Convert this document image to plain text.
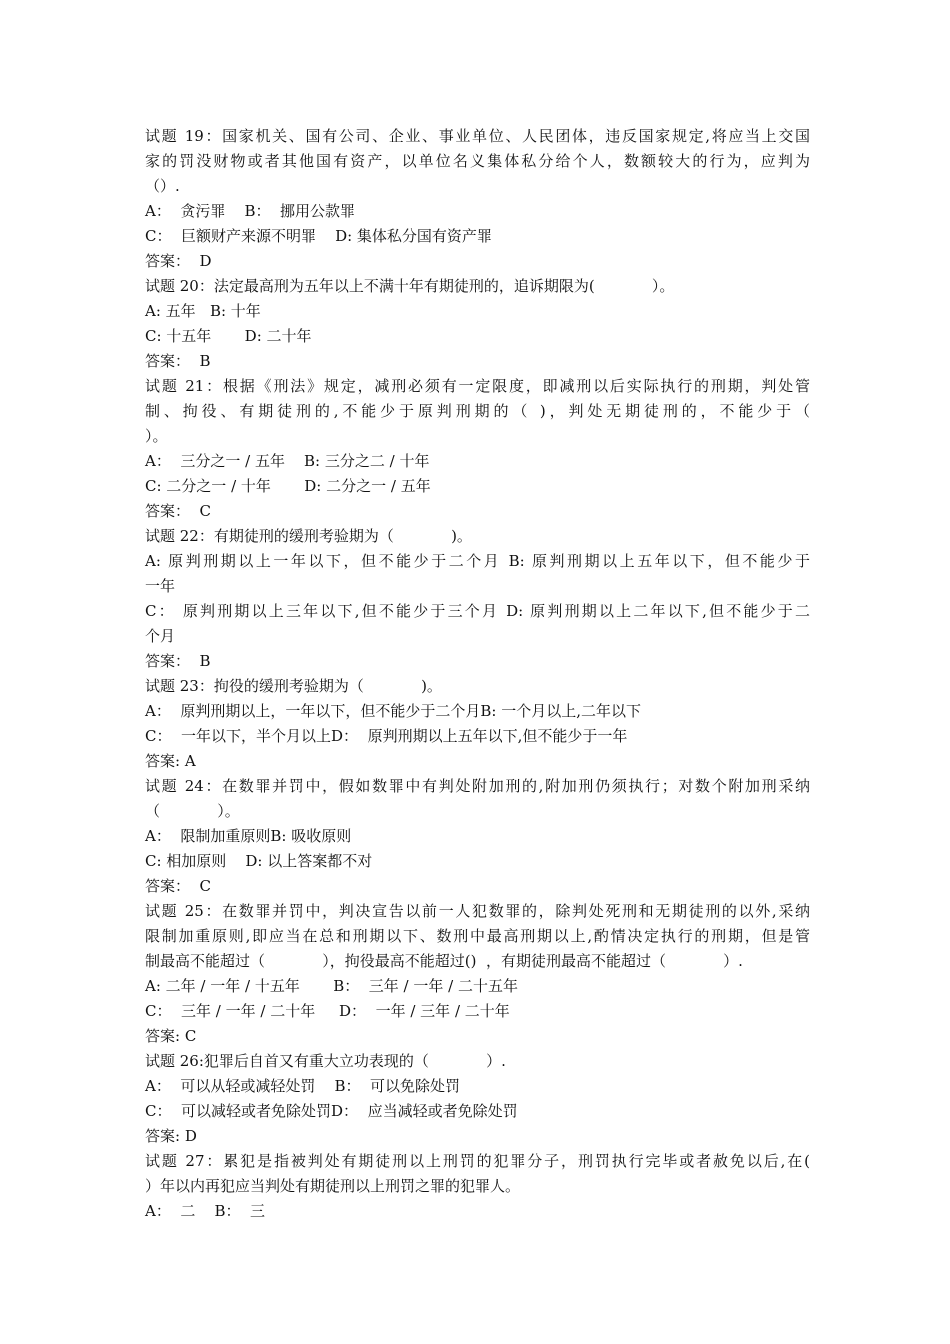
试题 19：国家机关、国有公司、企业、事业单位、人民团体，违反国家规定,将应当上交国
家的罚没财物或者其他国有资产，以单位名义集体私分给个人，数额较大的行为，应判为
（）.
A：  贪污罪    B：  挪用公款罪
C：  巨额财产来源不明罪    D: 集体私分国有资产罪
答案：  D
试题 20：法定最高刑为五年以上不满十年有期徒刑的，追诉期限为(            ）。
A: 五年   B: 十年
C: 十五年       D: 二十年
答案：  B
试题 21：根据《刑法》规定，减刑必须有一定限度，即减刑以后实际执行的刑期，判处管
制、拘役、有期徒刑的,不能少于原判刑期的（ )，判处无期徒刑的，不能少于（
）。
A：  三分之一 / 五年    B: 三分之二 / 十年
C: 二分之一 / 十年       D: 二分之一 / 五年
答案：  C
试题 22：有期徒刑的缓刑考验期为（            )。
A: 原判刑期以上一年以下，但不能少于二个月 B: 原判刑期以上五年以下，但不能少于
一年
C： 原判刑期以上三年以下,但不能少于三个月 D: 原判刑期以上二年以下,但不能少于二
个月
答案：  B
试题 23：拘役的缓刑考验期为（            )。
A：  原判刑期以上，一年以下，但不能少于二个月B: 一个月以上,二年以下
C：  一年以下，半个月以上D：  原判刑期以上五年以下,但不能少于一年
答案: A
试题 24：在数罪并罚中，假如数罪中有判处附加刑的,附加刑仍须执行；对数个附加刑采纳
（            ）。
A：  限制加重原则B: 吸收原则
C: 相加原则    D: 以上答案都不对
答案：  C
试题 25：在数罪并罚中，判决宣告以前一人犯数罪的，除判处死刑和无期徒刑的以外,采纳
限制加重原则,即应当在总和刑期以下、数刑中最高刑期以上,酌情决定执行的刑期，但是管
制最高不能超过（            ），拘役最高不能超过()  ，有期徒刑最高不能超过（            ）.
A: 二年 / 一年 / 十五年       B：  三年 / 一年 / 二十五年
C：  三年 / 一年 / 二十年     D：  一年 / 三年 / 二十年
答案: C
试题 26:犯罪后自首又有重大立功表现的（            ）.
A：  可以从轻或减轻处罚    B：  可以免除处罚
C：  可以减轻或者免除处罚D：  应当减轻或者免除处罚
答案: D
试题 27：累犯是指被判处有期徒刑以上刑罚的犯罪分子，刑罚执行完毕或者赦免以后,在(
）年以内再犯应当判处有期徒刑以上刑罚之罪的犯罪人。
A：  二    B：  三
